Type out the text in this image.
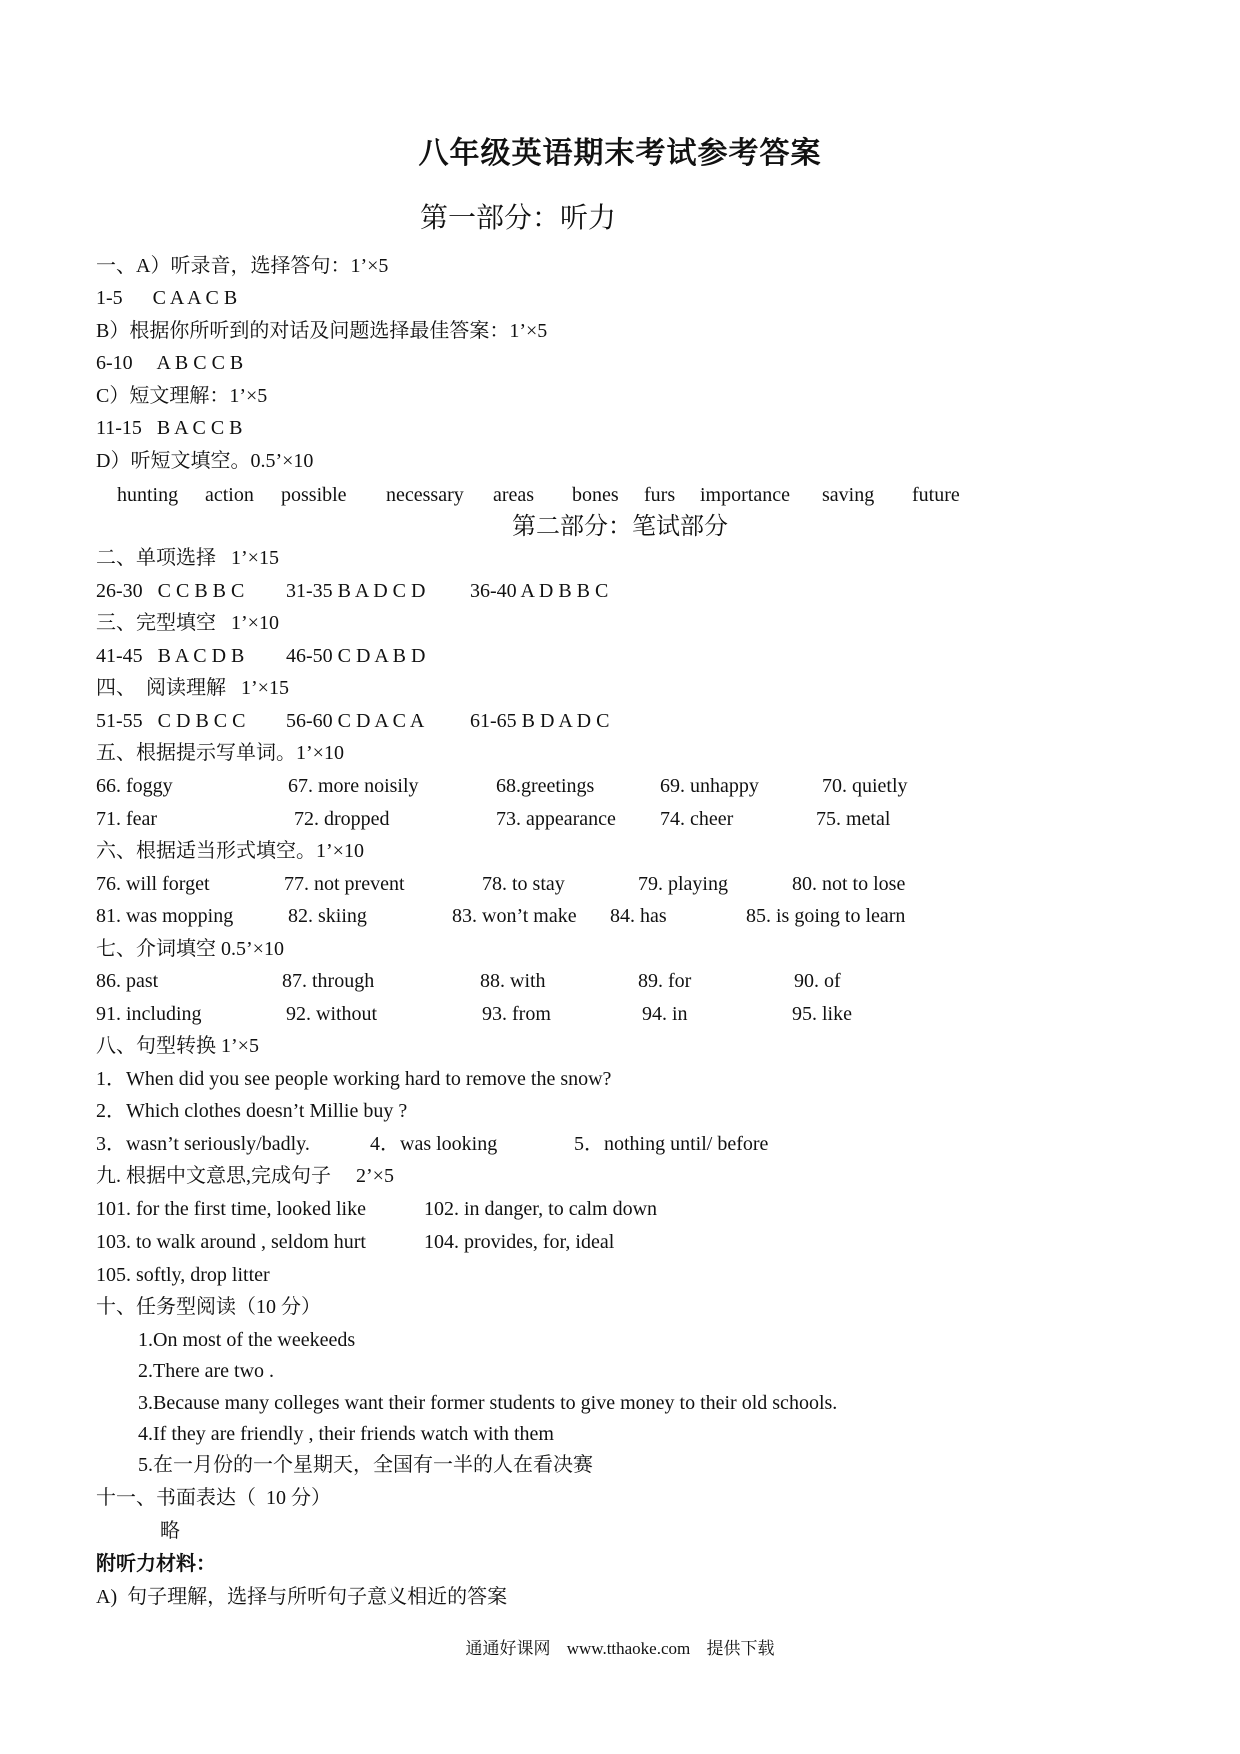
八年级英语期末考试参考答案
第一部分：听力
一、A）听录音，选择答句：1’×5
1-5      C A A C B
B）根据你所听到的对话及问题选择最佳答案：1’×5
6-10     A B C C B
C）短文理解：1’×5
11-15   B A C C B
D）听短文填空。0.5’×10
hunting action possible necessary areas bones furs importance saving future
第二部分：笔试部分
二、单项选择   1’×15
26-30   C C B B C 31-35 B A D C D 36-40 A D B B C
三、完型填空   1’×10
41-45   B A C D B 46-50 C D A B D
四、  阅读理解   1’×15
51-55   C D B C C 56-60 C D A C A 61-65 B D A D C
五、根据提示写单词。1’×10
66. foggy	67. more noisily	68.greetings	69. unhappy	70. quietly
71. fear	72. dropped	73. appearance 74. cheer	75. metal
六、根据适当形式填空。1’×10
76. will forget	77. not prevent	78. to stay	79. playing	80. not to lose
81. was mopping	82. skiing	83. won’t make 84. has	85. is going to learn
七、介词填空 0.5’×10
86. past	87. through	88. with	89. for	90. of
91. including	92. without	93. from	94. in	95. like
八、句型转换 1’×5
1．When did you see people working hard to remove the snow?
2．Which clothes doesn’t Millie buy ?
3．wasn’t seriously/badly.	4．was looking	5．nothing until/ before
九. 根据中文意思,完成句子     2’×5
101. for the first time, looked like	102. in danger, to calm down
103. to walk around , seldom hurt	104. provides, for, ideal
105. softly, drop litter
十、任务型阅读（10 分）
1.On most of the weekeeds
2.There are two .
3.Because many colleges want their former students to give money to their old schools.
4.If they are friendly , their friends watch with them
5.在一月份的一个星期天，全国有一半的人在看决赛
十一、书面表达（  10 分）
略
附听力材料：
A)  句子理解，选择与所听句子意义相近的答案
通通好课网 www.tthaoke.com 提供下载
